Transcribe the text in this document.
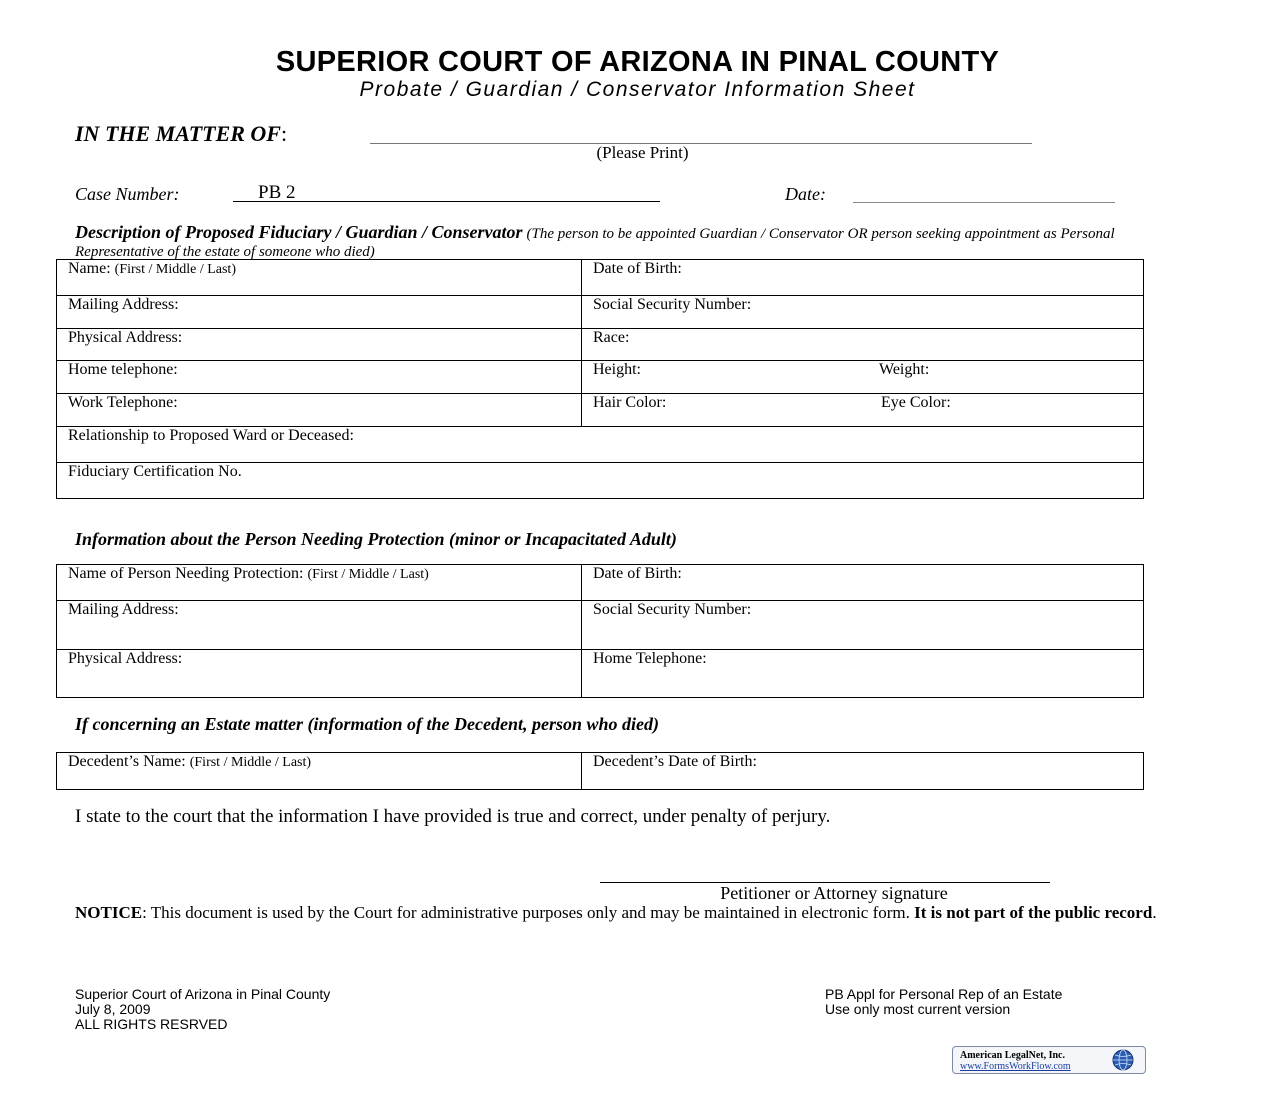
SUPERIOR COURT OF ARIZONA IN PINAL COUNTY
Probate / Guardian / Conservator Information Sheet
IN THE MATTER OF:
(Please Print)
Case Number:	PB 2	Date:
Description of Proposed Fiduciary / Guardian / Conservator (The person to be appointed Guardian / Conservator OR person seeking appointment as Personal Representative of the estate of someone who died)
Name: (First / Middle / Last)	Date of Birth:
Mailing Address:	Social Security Number:
Physical Address:	Race:
Home telephone:	Height: Weight:

Work Telephone:	Hair Color: Eye Color:

Relationship to Proposed Ward or Deceased:	
Fiduciary Certification No.	
Information about the Person Needing Protection (minor or Incapacitated Adult)
Name of Person Needing Protection: (First / Middle / Last)	Date of Birth:
Mailing Address:	Social Security Number:
Physical Address:	Home Telephone:
If concerning an Estate matter (information of the Decedent, person who died)
Decedent’s Name: (First / Middle / Last)	Decedent’s Date of Birth:
I state to the court that the information I have provided is true and correct, under penalty of perjury.
Petitioner or Attorney signature
NOTICE: This document is used by the Court for administrative purposes only and may be maintained in electronic form. It is not part of the public record.
Superior Court of Arizona in Pinal County
July 8, 2009
ALL RIGHTS RESRVED
PB Appl for Personal Rep of an Estate
Use only most current version
American LegalNet, Inc.
www.FormsWorkFlow.com
